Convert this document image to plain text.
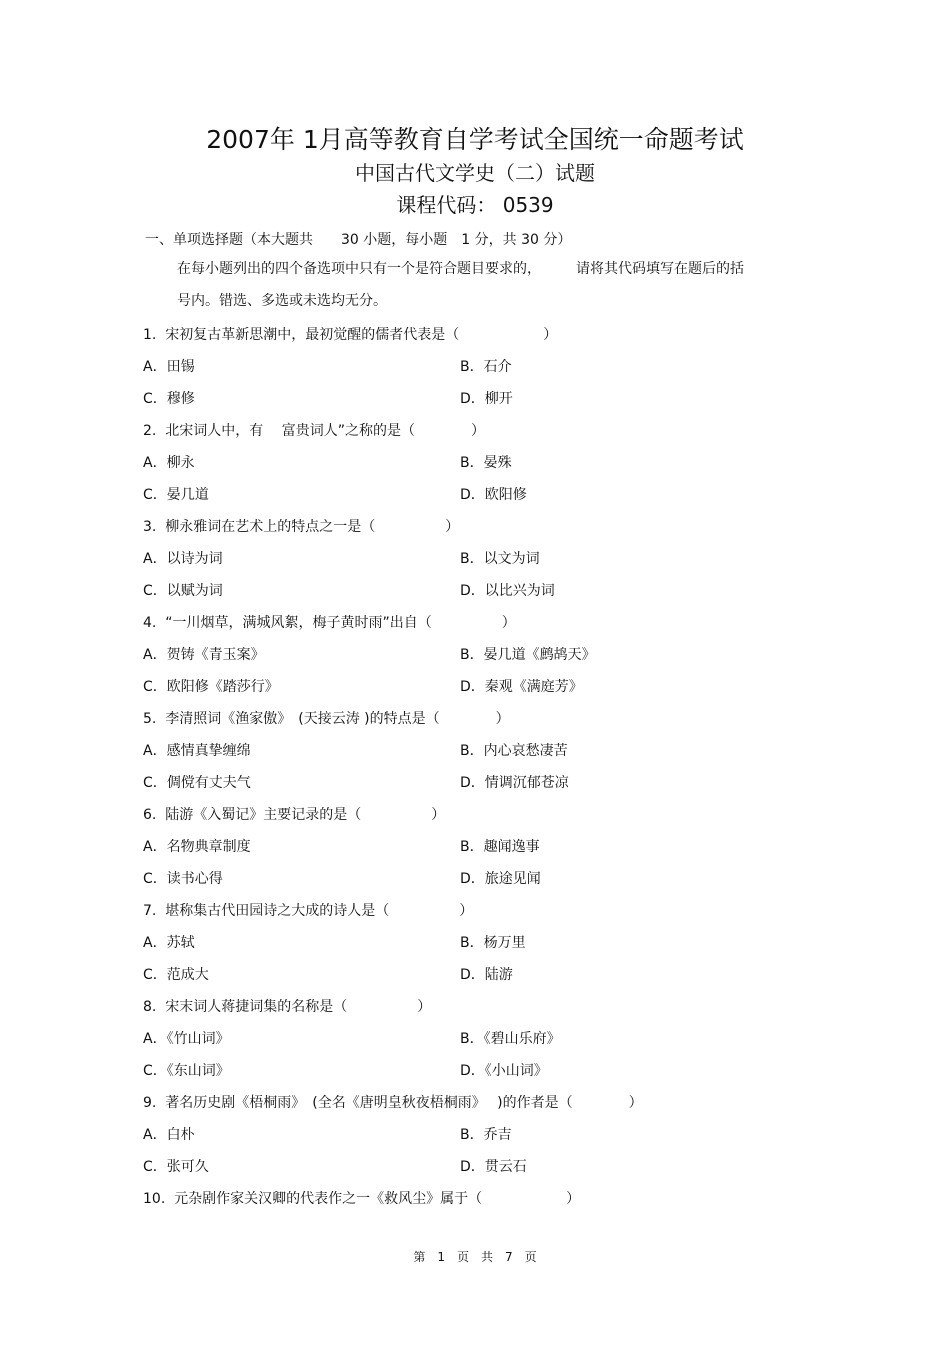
2007年 1月高等教育自学考试全国统一命题考试
中国古代文学史（二）试题
课程代码： 0539
一、单项选择题（本大题共　　30 小题，每小题　1 分，共 30 分）
在每小题列出的四个备选项中只有一个是符合题目要求的，　　　请将其代码填写在题后的括
号内。错选、多选或未选均无分。
1.  宋初复古革新思潮中，最初觉醒的儒者代表是（　　　　　　）
A．田锡	B．石介
C．穆修	D．柳开
2.  北宋词人中，有　 富贵词人”之称的是（　　　　）
A．柳永	B．晏殊
C．晏几道	D．欧阳修
3.  柳永雅词在艺术上的特点之一是（　　　　　）
A．以诗为词	B．以文为词
C．以赋为词	D．以比兴为词
4.  “一川烟草，满城风絮，梅子黄时雨”出自（　　　　　）
A．贺铸《青玉案》	B．晏几道《鹧鸪天》
C．欧阳修《踏莎行》	D．秦观《满庭芳》
5.  李清照词《渔家傲》　(天接云涛 )的特点是（　　　　）
A．感情真挚缠绵	B．内心哀愁凄苦
C．倜傥有丈夫气	D．情调沉郁苍凉
6.  陆游《入蜀记》主要记录的是（　　　　　）
A．名物典章制度	B．趣闻逸事
C．读书心得	D．旅途见闻
7.  堪称集古代田园诗之大成的诗人是（　　　　　）
A．苏轼	B．杨万里
C．范成大	D．陆游
8.  宋末词人蒋捷词集的名称是（　　　　　）
A．《竹山词》	B．《碧山乐府》
C．《东山词》	D．《小山词》
9.  著名历史剧《梧桐雨》　(全名《唐明皇秋夜梧桐雨》　 )的作者是（　　　　）
A．白朴	B．乔吉
C．张可久	D．贯云石
10.  元杂剧作家关汉卿的代表作之一《救风尘》属于（　　　　　　）
第　1　页　共　7　页
